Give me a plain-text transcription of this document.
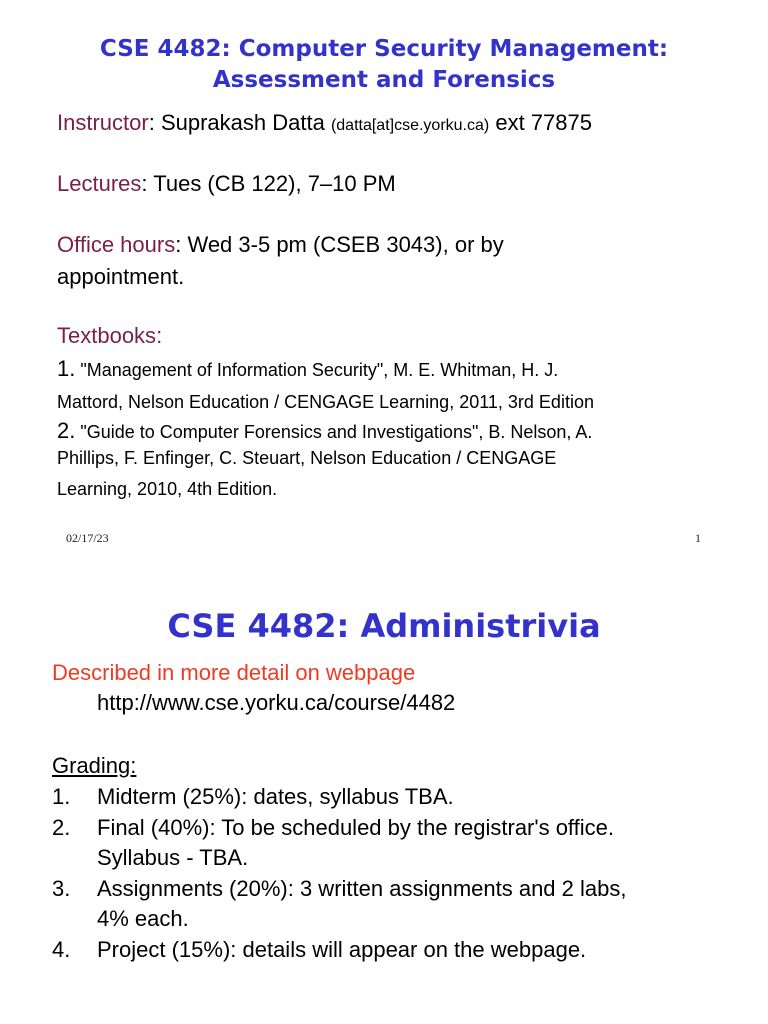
CSE 4482: Computer Security Management:
Assessment and Forensics
Instructor: Suprakash Datta (datta[at]cse.yorku.ca) ext 77875
Lectures: Tues (CB 122), 7–10 PM
Office hours: Wed 3-5 pm (CSEB 3043), or by
appointment.
Textbooks:
1. "Management of Information Security", M. E. Whitman, H. J.
Mattord, Nelson Education / CENGAGE Learning, 2011, 3rd Edition
2. "Guide to Computer Forensics and Investigations", B. Nelson, A.
Phillips, F. Enfinger, C. Steuart, Nelson Education / CENGAGE
Learning, 2010, 4th Edition.
02/17/23	1
CSE 4482: Administrivia
Described in more detail on webpage
http://www.cse.yorku.ca/course/4482
Grading:
1. Midterm (25%): dates, syllabus TBA.
2. Final (40%): To be scheduled by the registrar's office.
Syllabus - TBA.
3. Assignments (20%): 3 written assignments and 2 labs,
4% each.
4. Project (15%): details will appear on the webpage.
